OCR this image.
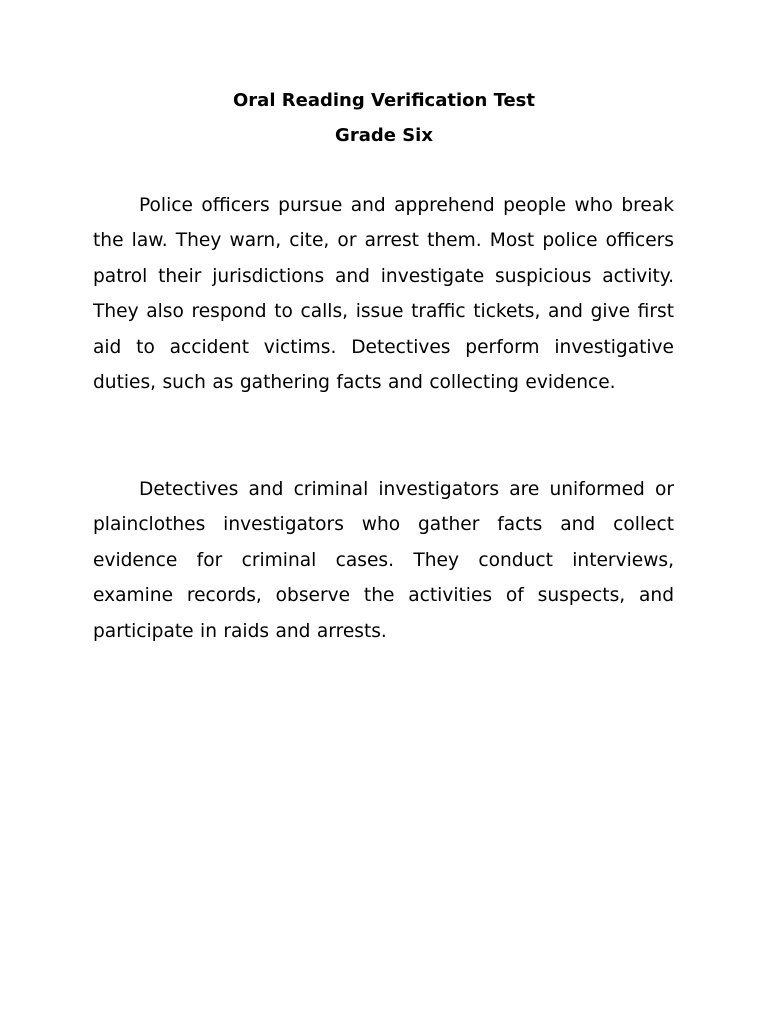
Oral Reading Verification Test
Grade Six

Police officers pursue and apprehend people who break the law. They warn, cite, or arrest them. Most police officers patrol their jurisdictions and investigate suspicious activity. They also respond to calls, issue traffic tickets, and give first aid to accident victims. Detectives perform investigative duties, such as gathering facts and collecting evidence.

Detectives and criminal investigators are uniformed or plainclothes investigators who gather facts and collect evidence for criminal cases. They conduct interviews, examine records, observe the activities of suspects, and participate in raids and arrests.
